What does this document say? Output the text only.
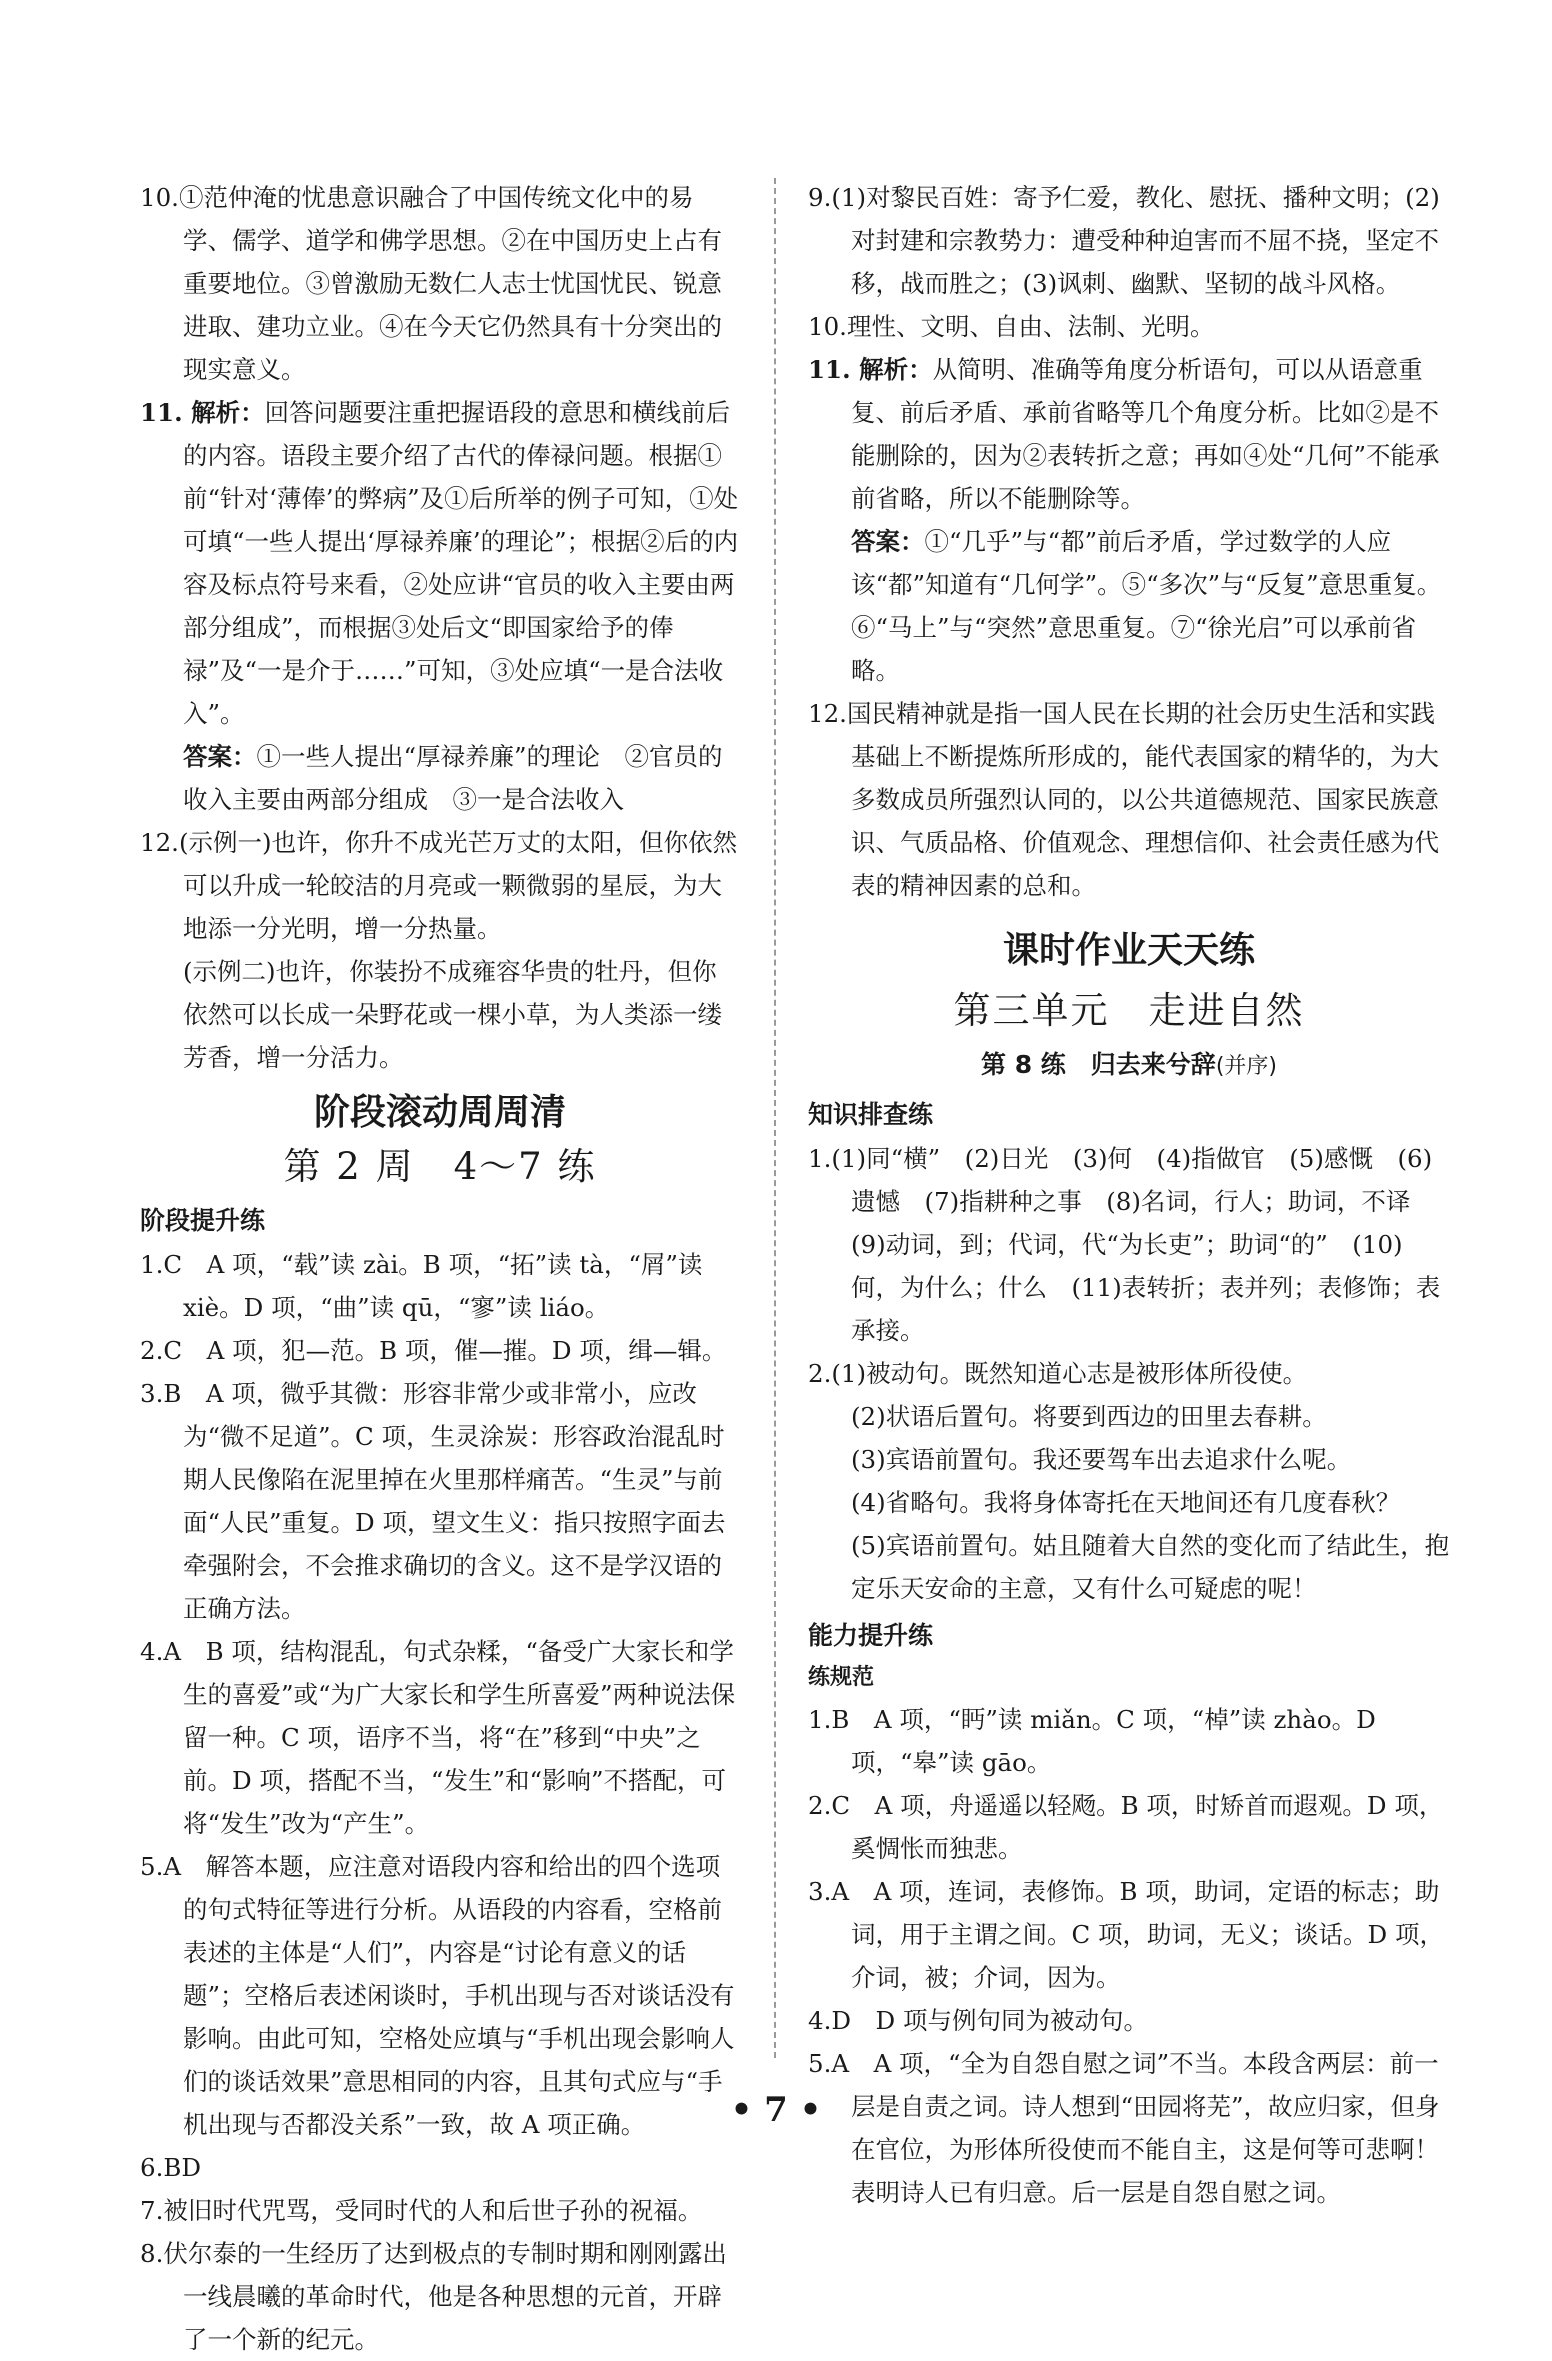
10.①范仲淹的忧患意识融合了中国传统文化中的易学、儒学、道学和佛学思想。②在中国历史上占有重要地位。③曾激励无数仁人志士忧国忧民、锐意进取、建功立业。④在今天它仍然具有十分突出的现实意义。

11. 解析：回答问题要注重把握语段的意思和横线前后的内容。语段主要介绍了古代的俸禄问题。根据①前“针对‘薄俸’的弊病”及①后所举的例子可知，①处可填“一些人提出‘厚禄养廉’的理论”；根据②后的内容及标点符号来看，②处应讲“官员的收入主要由两部分组成”，而根据③处后文“即国家给予的俸禄”及“一是介于……”可知，③处应填“一是合法收入”。

答案：①一些人提出“厚禄养廉”的理论　②官员的收入主要由两部分组成　③一是合法收入

12.(示例一)也许，你升不成光芒万丈的太阳，但你依然可以升成一轮皎洁的月亮或一颗微弱的星辰，为大地添一分光明，增一分热量。

(示例二)也许，你装扮不成雍容华贵的牡丹，但你依然可以长成一朵野花或一棵小草，为人类添一缕芳香，增一分活力。

阶段滚动周周清
第 2 周　4～7 练
阶段提升练

1.C　A 项，“载”读 zài。B 项，“拓”读 tà，“屑”读 xiè。D 项，“曲”读 qū，“寥”读 liáo。

2.C　A 项，犯—范。B 项，催—摧。D 项，缉—辑。

3.B　A 项，微乎其微：形容非常少或非常小，应改为“微不足道”。C 项，生灵涂炭：形容政治混乱时期人民像陷在泥里掉在火里那样痛苦。“生灵”与前面“人民”重复。D 项，望文生义：指只按照字面去牵强附会，不会推求确切的含义。这不是学汉语的正确方法。

4.A　B 项，结构混乱，句式杂糅，“备受广大家长和学生的喜爱”或“为广大家长和学生所喜爱”两种说法保留一种。C 项，语序不当，将“在”移到“中央”之前。D 项，搭配不当，“发生”和“影响”不搭配，可将“发生”改为“产生”。

5.A　解答本题，应注意对语段内容和给出的四个选项的句式特征等进行分析。从语段的内容看，空格前表述的主体是“人们”，内容是“讨论有意义的话题”；空格后表述闲谈时，手机出现与否对谈话没有影响。由此可知，空格处应填与“手机出现会影响人们的谈话效果”意思相同的内容，且其句式应与“手机出现与否都没关系”一致，故 A 项正确。

6.BD

7.被旧时代咒骂，受同时代的人和后世子孙的祝福。

8.伏尔泰的一生经历了达到极点的专制时期和刚刚露出一线晨曦的革命时代，他是各种思想的元首，开辟了一个新的纪元。

9.(1)对黎民百姓：寄予仁爱，教化、慰抚、播种文明；(2)对封建和宗教势力：遭受种种迫害而不屈不挠，坚定不移，战而胜之；(3)讽刺、幽默、坚韧的战斗风格。

10.理性、文明、自由、法制、光明。

11. 解析：从简明、准确等角度分析语句，可以从语意重复、前后矛盾、承前省略等几个角度分析。比如②是不能删除的，因为②表转折之意；再如④处“几何”不能承前省略，所以不能删除等。

答案：①“几乎”与“都”前后矛盾，学过数学的人应该“都”知道有“几何学”。⑤“多次”与“反复”意思重复。⑥“马上”与“突然”意思重复。⑦“徐光启”可以承前省略。

12.国民精神就是指一国人民在长期的社会历史生活和实践基础上不断提炼所形成的，能代表国家的精华的，为大多数成员所强烈认同的，以公共道德规范、国家民族意识、气质品格、价值观念、理想信仰、社会责任感为代表的精神因素的总和。

课时作业天天练
第三单元　走进自然
第 8 练　归去来兮辞(并序)
知识排查练

1.(1)同“横”　(2)日光　(3)何　(4)指做官　(5)感慨　(6)遗憾　(7)指耕种之事　(8)名词，行人；助词，不译　(9)动词，到；代词，代“为长吏”；助词“的”　(10)何，为什么；什么　(11)表转折；表并列；表修饰；表承接。

2.(1)被动句。既然知道心志是被形体所役使。

(2)状语后置句。将要到西边的田里去春耕。

(3)宾语前置句。我还要驾车出去追求什么呢。

(4)省略句。我将身体寄托在天地间还有几度春秋？

(5)宾语前置句。姑且随着大自然的变化而了结此生，抱定乐天安命的主意，又有什么可疑虑的呢！

能力提升练
练规范

1.B　A 项，“眄”读 miǎn。C 项，“棹”读 zhào。D 项，“皋”读 gāo。

2.C　A 项，舟遥遥以轻飏。B 项，时矫首而遐观。D 项，奚惆怅而独悲。

3.A　A 项，连词，表修饰。B 项，助词，定语的标志；助词，用于主谓之间。C 项，助词，无义；谈话。D 项，介词，被；介词，因为。

4.D　D 项与例句同为被动句。

5.A　A 项，“全为自怨自慰之词”不当。本段含两层：前一层是自责之词。诗人想到“田园将芜”，故应归家，但身在官位，为形体所役使而不能自主，这是何等可悲啊！表明诗人已有归意。后一层是自怨自慰之词。

• 7 •
